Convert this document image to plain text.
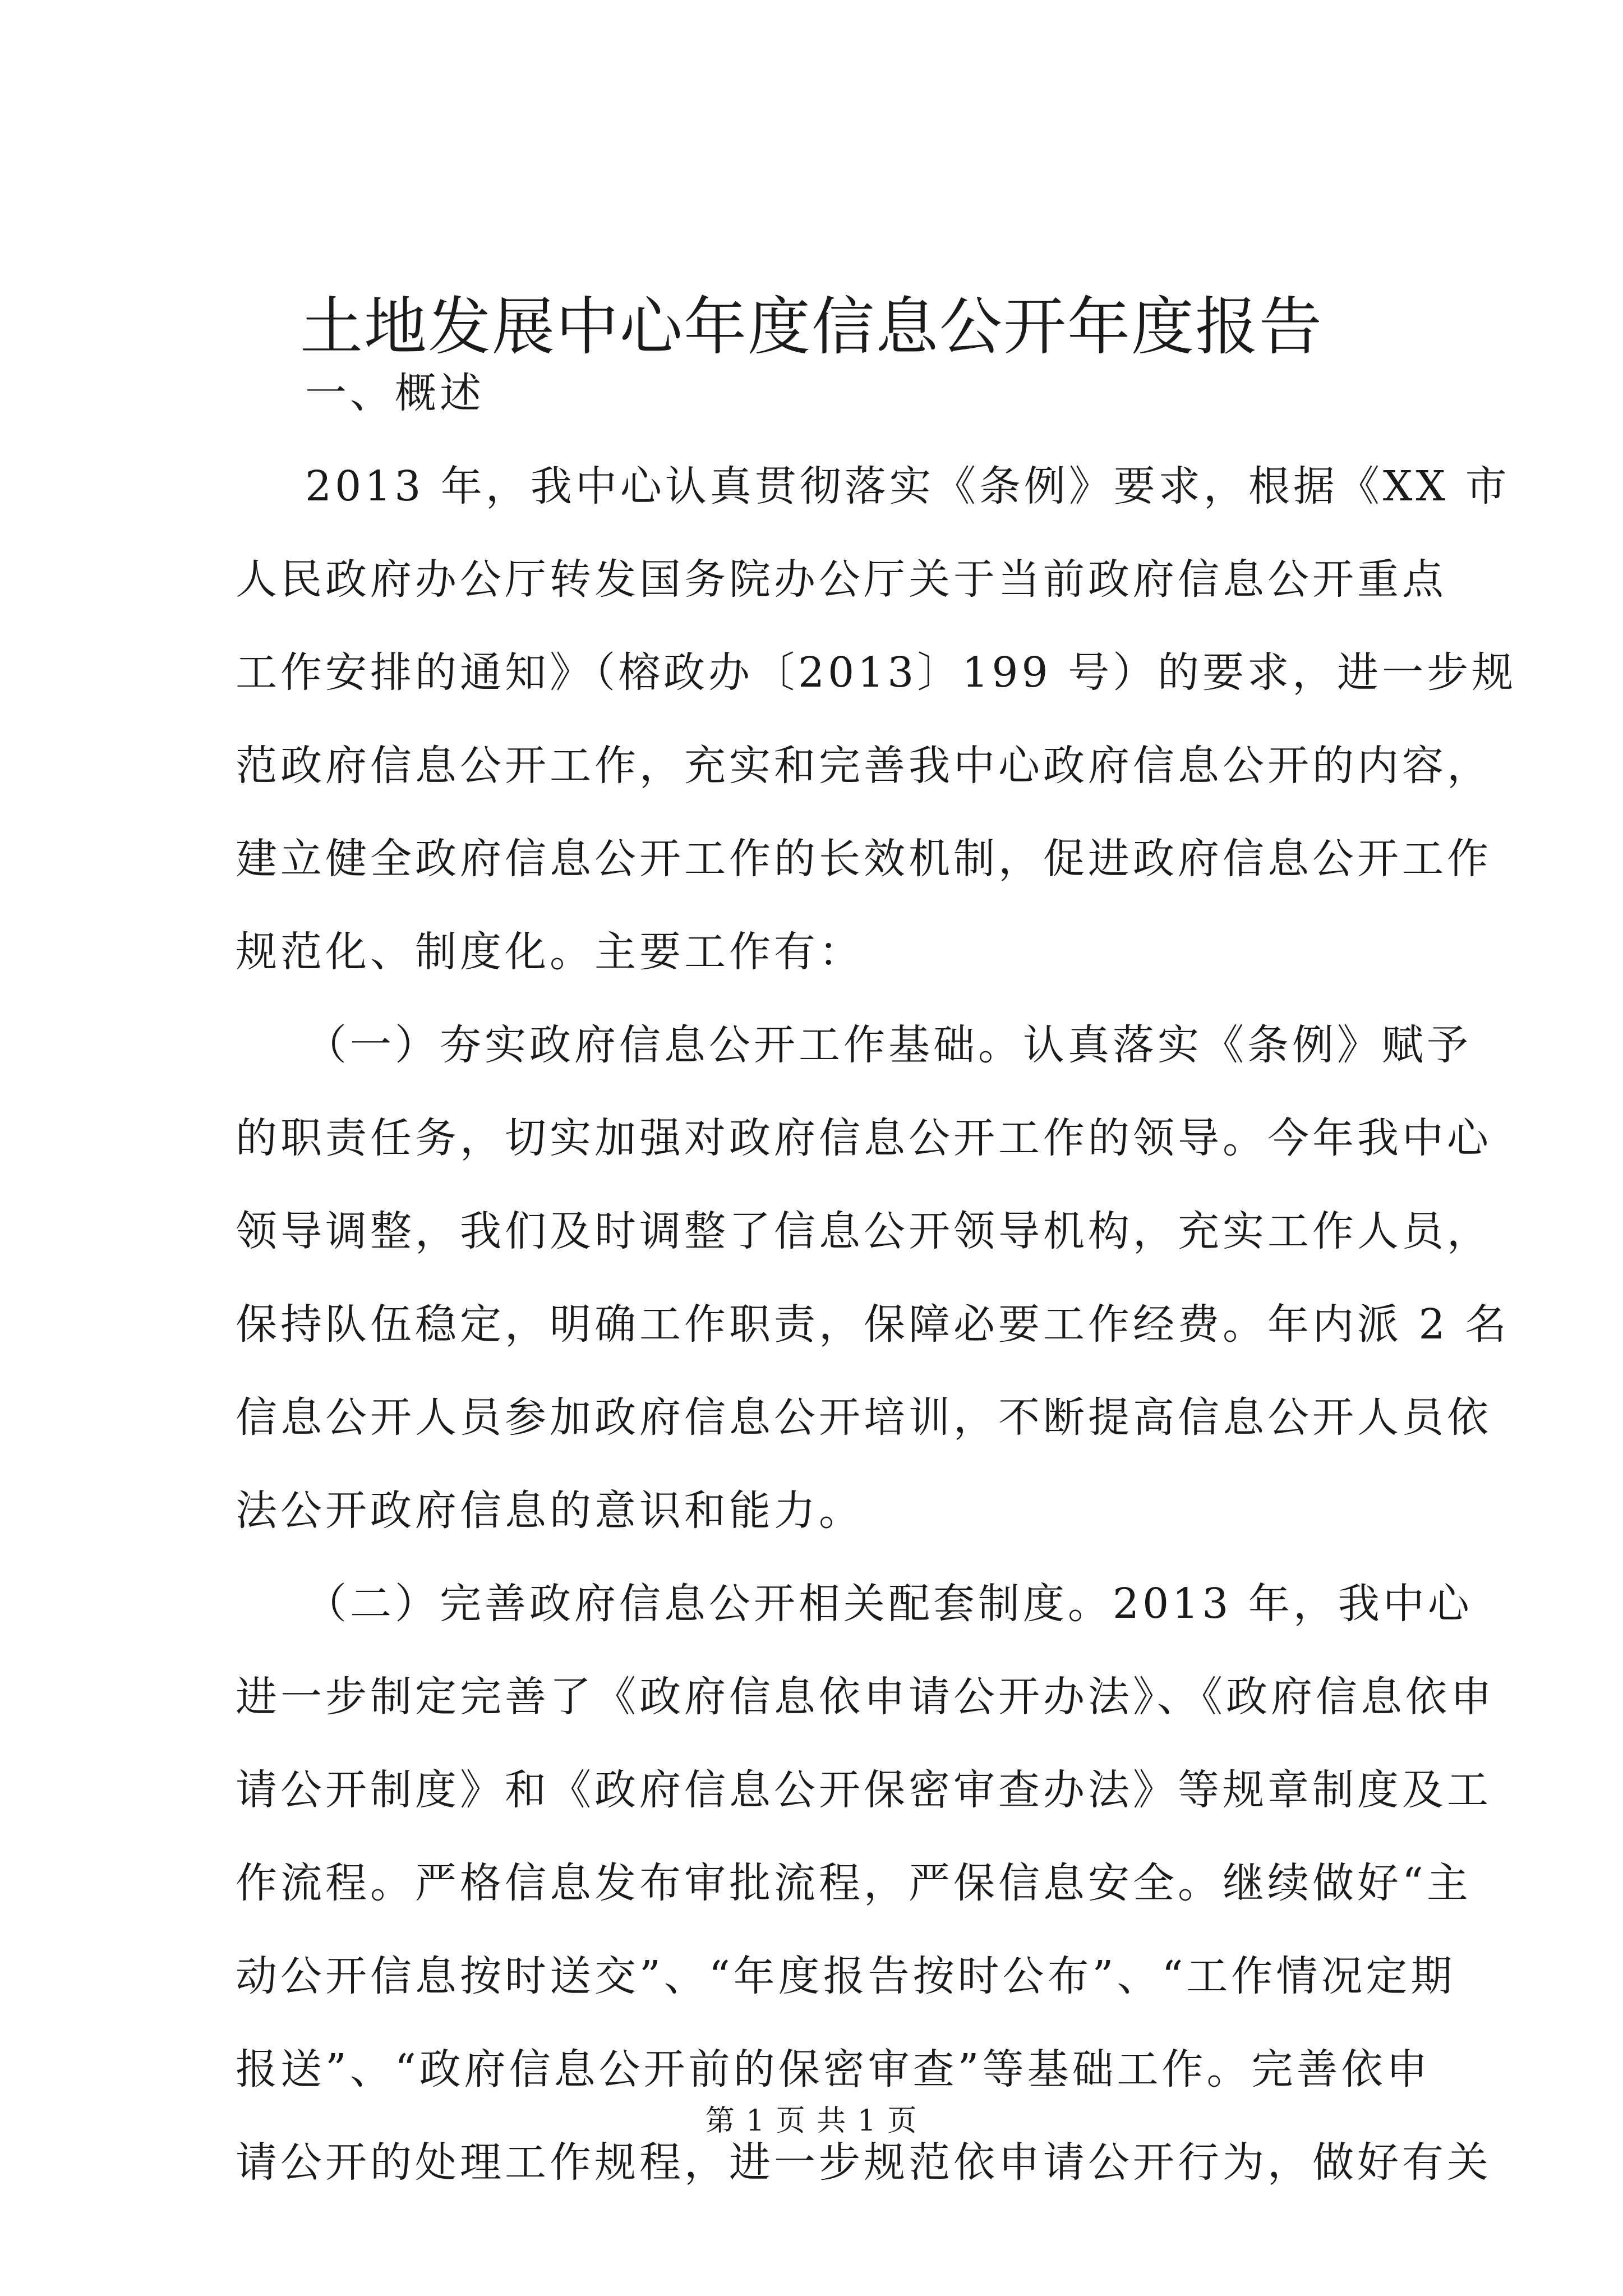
土地发展中心年度信息公开年度报告
一、概述
2013 年，我中心认真贯彻落实《条例》要求，根据《XX 市
人民政府办公厅转发国务院办公厅关于当前政府信息公开重点
工作安排的通知》（榕政办〔2013〕199 号）的要求，进一步规
范政府信息公开工作，充实和完善我中心政府信息公开的内容，
建立健全政府信息公开工作的长效机制，促进政府信息公开工作
规范化、制度化。主要工作有：
（一）夯实政府信息公开工作基础。认真落实《条例》赋予
的职责任务，切实加强对政府信息公开工作的领导。今年我中心
领导调整，我们及时调整了信息公开领导机构，充实工作人员，
保持队伍稳定，明确工作职责，保障必要工作经费。年内派 2 名
信息公开人员参加政府信息公开培训，不断提高信息公开人员依
法公开政府信息的意识和能力。
（二）完善政府信息公开相关配套制度。2013 年，我中心
进一步制定完善了《政府信息依申请公开办法》、《政府信息依申
请公开制度》和《政府信息公开保密审查办法》等规章制度及工
作流程。严格信息发布审批流程，严保信息安全。继续做好“主
动公开信息按时送交”、“年度报告按时公布”、“工作情况定期
报送”、“政府信息公开前的保密审查”等基础工作。完善依申
请公开的处理工作规程，进一步规范依申请公开行为，做好有关
第 1 页 共 1 页
